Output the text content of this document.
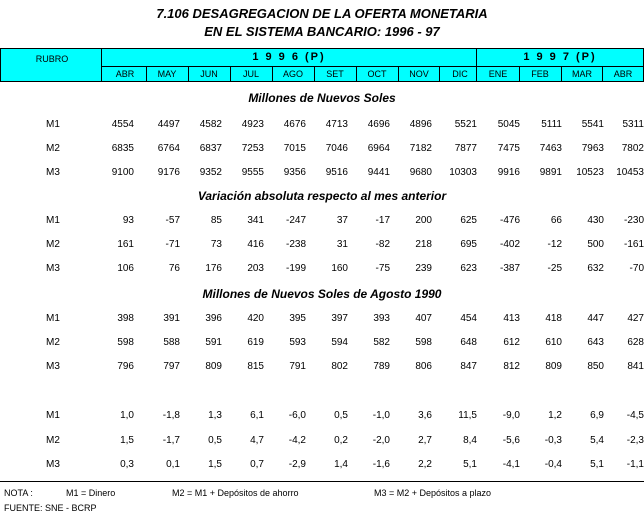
7.106 DESAGREGACION DE LA OFERTA MONETARIA
EN EL SISTEMA BANCARIO: 1996 - 97
RUBRO	1 9 9 6 (P)
ABR	MAY	JUN	JUL	AGO	SET	OCT	NOV	DIC
1 9 9 7 (P)
ENE	FEB	MAR	ABR
Millones de Nuevos Soles
M1	4554	4497	4582	4923	4676	4713	4696	4896	5521	5045	5111	5541	5311
M2	6835	6764	6837	7253	7015	7046	6964	7182	7877	7475	7463	7963	7802
M3	9100	9176	9352	9555	9356	9516	9441	9680	10303	9916	9891	10523	10453
Variación absoluta respecto al mes anterior
M1	93	-57	85	341	-247	37	-17	200	625	-476	66	430	-230
M2	161	-71	73	416	-238	31	-82	218	695	-402	-12	500	-161
M3	106	76	176	203	-199	160	-75	239	623	-387	-25	632	-70
Millones de Nuevos Soles de Agosto 1990
M1	398	391	396	420	395	397	393	407	454	413	418	447	427
M2	598	588	591	619	593	594	582	598	648	612	610	643	628
M3	796	797	809	815	791	802	789	806	847	812	809	850	841
M1	1,0	-1,8	1,3	6,1	-6,0	0,5	-1,0	3,6	11,5	-9,0	1,2	6,9	-4,5
M2	1,5	-1,7	0,5	4,7	-4,2	0,2	-2,0	2,7	8,4	-5,6	-0,3	5,4	-2,3
M3	0,3	0,1	1,5	0,7	-2,9	1,4	-1,6	2,2	5,1	-4,1	-0,4	5,1	-1,1
NOTA :	M1 = Dinero	M2 = M1 + Depósitos de ahorro	M3 = M2 + Depósitos a plazo
FUENTE: SNE - BCRP
